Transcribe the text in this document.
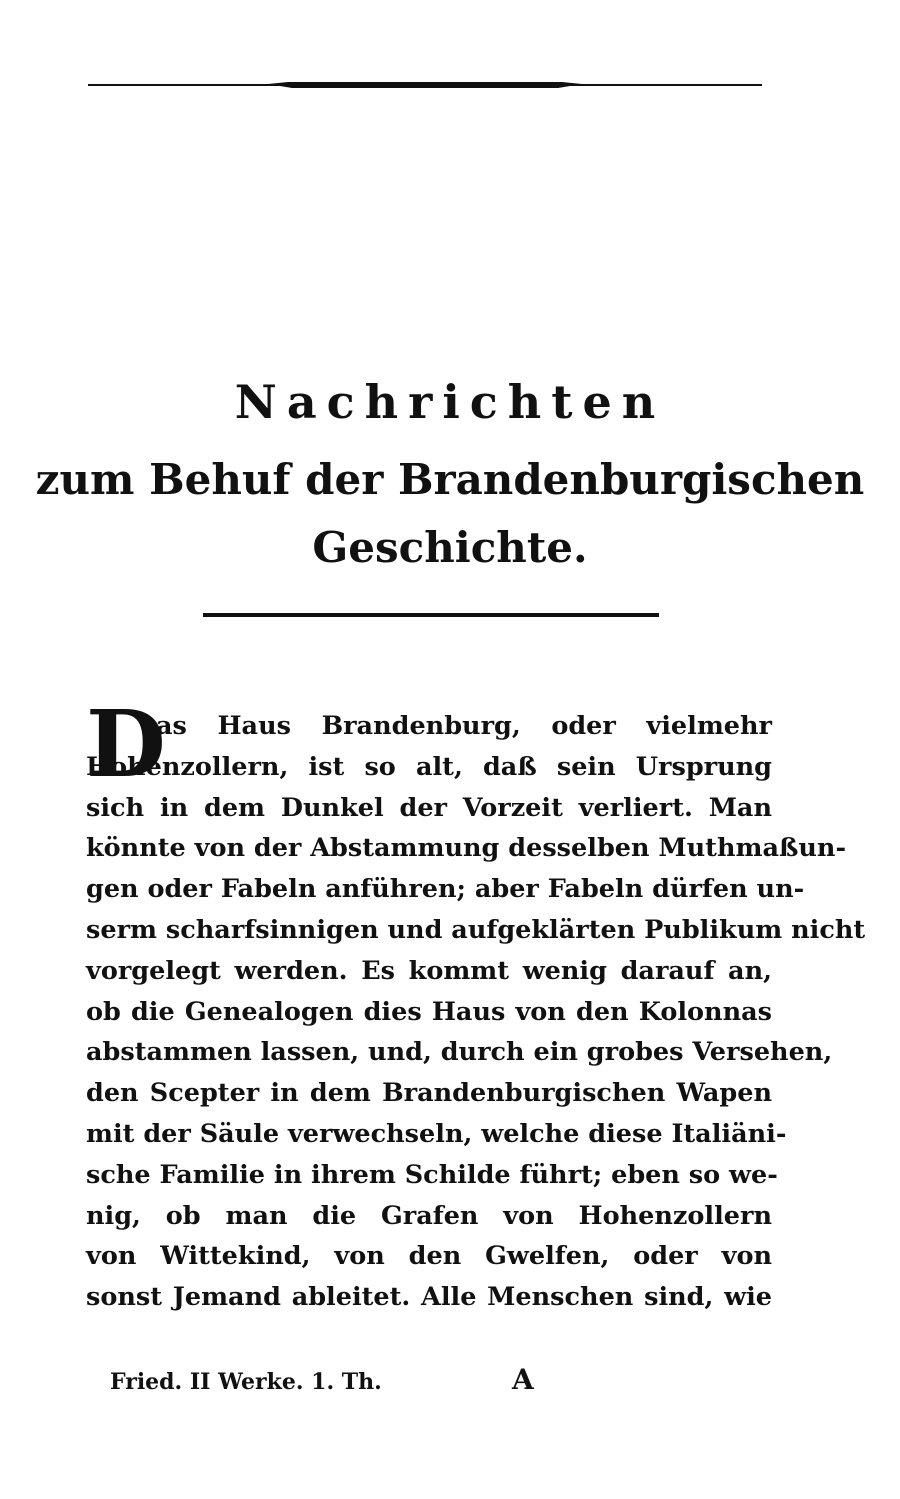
Nachrichten
zum Behuf der Brandenburgischen
Geschichte.
D
as Haus Brandenburg, oder vielmehr
Hohenzollern, ist so alt, daß sein Ursprung
sich in dem Dunkel der Vorzeit verliert. Man
könnte von der Abstammung desselben Muthmaßun-
gen oder Fabeln anführen; aber Fabeln dürfen un-
serm scharfsinnigen und aufgeklärten Publikum nicht
vorgelegt werden. Es kommt wenig darauf an,
ob die Genealogen dies Haus von den Kolonnas
abstammen lassen, und, durch ein grobes Versehen,
den Scepter in dem Brandenburgischen Wapen
mit der Säule verwechseln, welche diese Italiäni-
sche Familie in ihrem Schilde führt; eben so we-
nig, ob man die Grafen von Hohenzollern
von Wittekind, von den Gwelfen, oder von
sonst Jemand ableitet. Alle Menschen sind, wie
Fried. II Werke. 1. Th.	A
